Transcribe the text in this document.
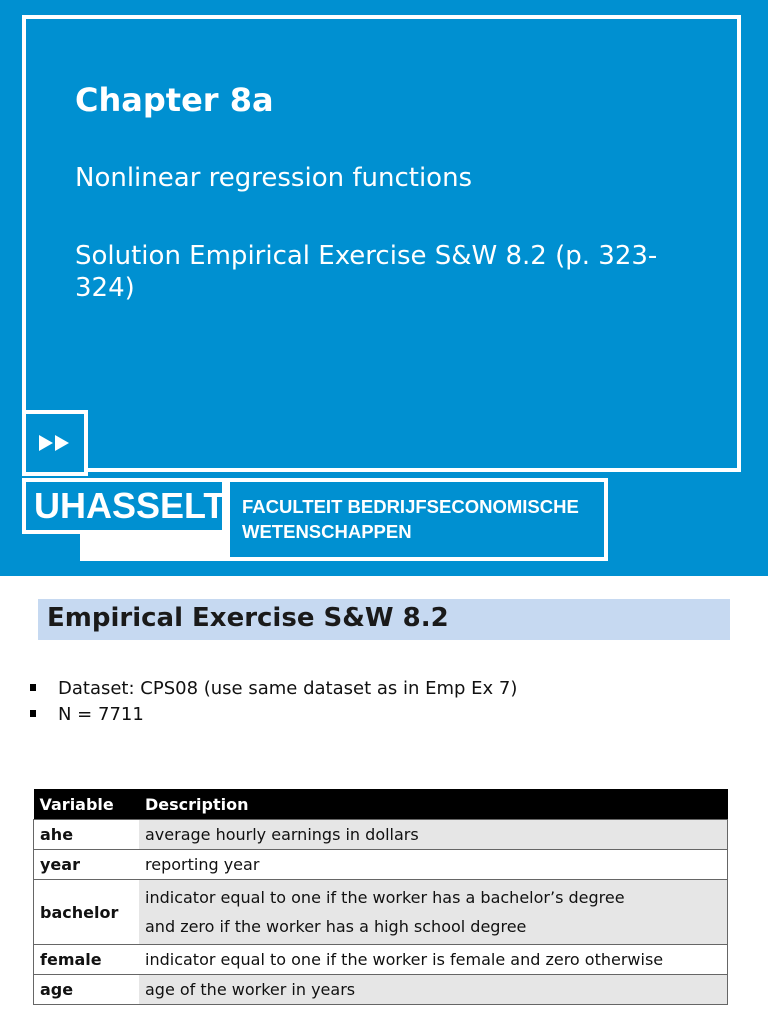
Chapter 8a
Nonlinear regression functions
Solution Empirical Exercise S&W 8.2 (p. 323-
324)
UHASSELT FACULTEIT BEDRIJFSECONOMISCHE
WETENSCHAPPEN
Empirical Exercise S&W 8.2
Dataset: CPS08 (use same dataset as in Emp Ex 7)
N = 7711
Variable	Description
ahe	average hourly earnings in dollars

year	reporting year

bachelor	indicator equal to one if the worker has a bachelor’s degree
and zero if the worker has a high school degree

female	indicator equal to one if the worker is female and zero otherwise

age	age of the worker in years
